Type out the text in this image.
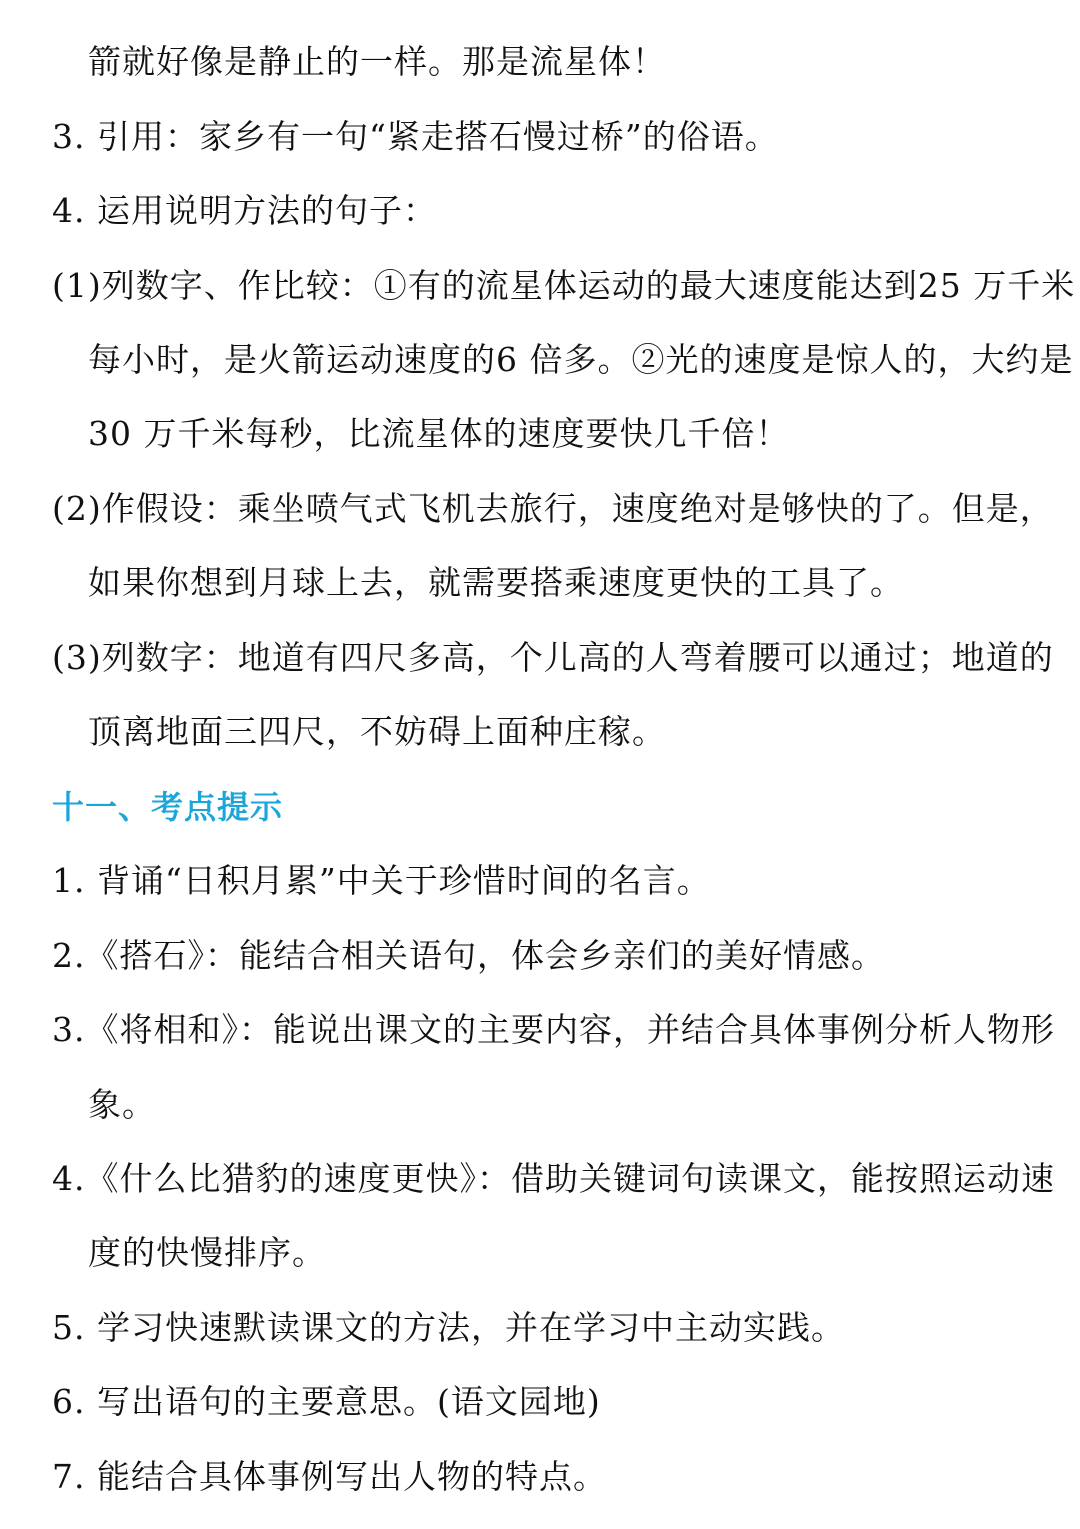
箭就好像是静止的一样。那是流星体！
3. 引用：家乡有一句“紧走搭石慢过桥”的俗语。
4. 运用说明方法的句子：
(1)列数字、作比较：①有的流星体运动的最大速度能达到25 万千米
每小时，是火箭运动速度的6 倍多。②光的速度是惊人的，大约是
30 万千米每秒，比流星体的速度要快几千倍！
(2)作假设：乘坐喷气式飞机去旅行，速度绝对是够快的了。但是，
如果你想到月球上去，就需要搭乘速度更快的工具了。
(3)列数字：地道有四尺多高，个儿高的人弯着腰可以通过；地道的
顶离地面三四尺，不妨碍上面种庄稼。
十一、考点提示
1. 背诵“日积月累”中关于珍惜时间的名言。
2.《搭石》：能结合相关语句，体会乡亲们的美好情感。
3.《将相和》：能说出课文的主要内容，并结合具体事例分析人物形
象。
4.《什么比猎豹的速度更快》：借助关键词句读课文，能按照运动速
度的快慢排序。
5. 学习快速默读课文的方法，并在学习中主动实践。
6. 写出语句的主要意思。(语文园地)
7. 能结合具体事例写出人物的特点。
